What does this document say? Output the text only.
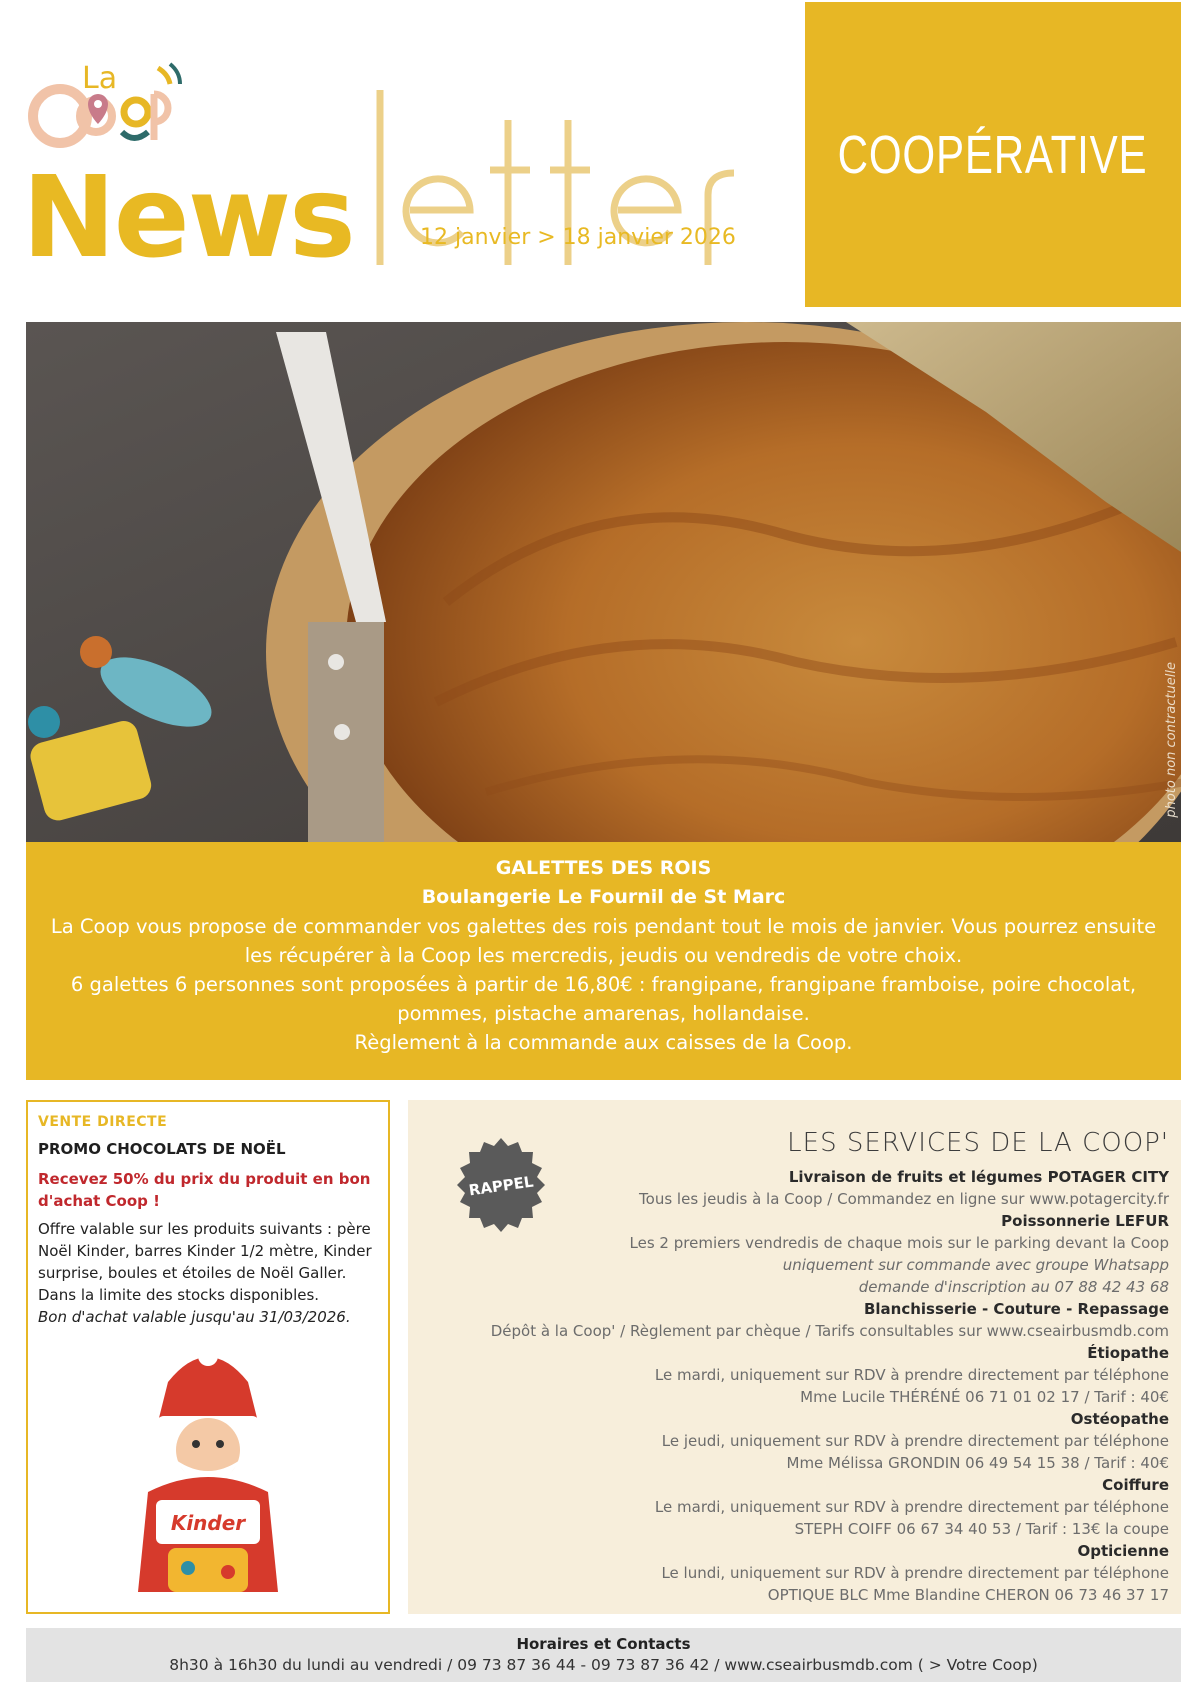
La
News	12 janvier > 18 janvier 2026
COOPÉRATIVE
photo non contractuelle
GALETTES DES ROIS
Boulangerie Le Fournil de St Marc

La Coop vous propose de commander vos galettes des rois pendant tout le mois de janvier. Vous pourrez ensuite les récupérer à la Coop les mercredis, jeudis ou vendredis de votre choix.

6 galettes 6 personnes sont proposées à partir de 16,80€ : frangipane, frangipane framboise, poire chocolat, pommes, pistache amarenas, hollandaise.

Règlement à la commande aux caisses de la Coop.

VENTE DIRECTE
PROMO CHOCOLATS DE NOËL
Recevez 50% du prix du produit en bon d'achat Coop !
Offre valable sur les produits suivants : père Noël Kinder, barres Kinder 1/2 mètre, Kinder surprise, boules et étoiles de Noël Galler. Dans la limite des stocks disponibles.
Bon d'achat valable jusqu'au 31/03/2026.
Kinder
RAPPEL
LES SERVICES DE LA COOP'
Livraison de fruits et légumes POTAGER CITY
Tous les jeudis à la Coop / Commandez en ligne sur www.potagercity.fr
Poissonnerie LEFUR
Les 2 premiers vendredis de chaque mois sur le parking devant la Coop
uniquement sur commande avec groupe Whatsapp
demande d'inscription au 07 88 42 43 68
Blanchisserie - Couture - Repassage
Dépôt à la Coop' / Règlement par chèque / Tarifs consultables sur www.cseairbusmdb.com
Étiopathe
Le mardi, uniquement sur RDV à prendre directement par téléphone
Mme Lucile THÉRÉNÉ 06 71 01 02 17 / Tarif : 40€
Ostéopathe
Le jeudi, uniquement sur RDV à prendre directement par téléphone
Mme Mélissa GRONDIN 06 49 54 15 38 / Tarif : 40€
Coiffure
Le mardi, uniquement sur RDV à prendre directement par téléphone
STEPH COIFF 06 67 34 40 53 / Tarif : 13€ la coupe
Opticienne
Le lundi, uniquement sur RDV à prendre directement par téléphone
OPTIQUE BLC Mme Blandine CHERON 06 73 46 37 17
Horaires et Contacts
8h30 à 16h30 du lundi au vendredi / 09 73 87 36 44 - 09 73 87 36 42 / www.cseairbusmdb.com ( > Votre Coop)
